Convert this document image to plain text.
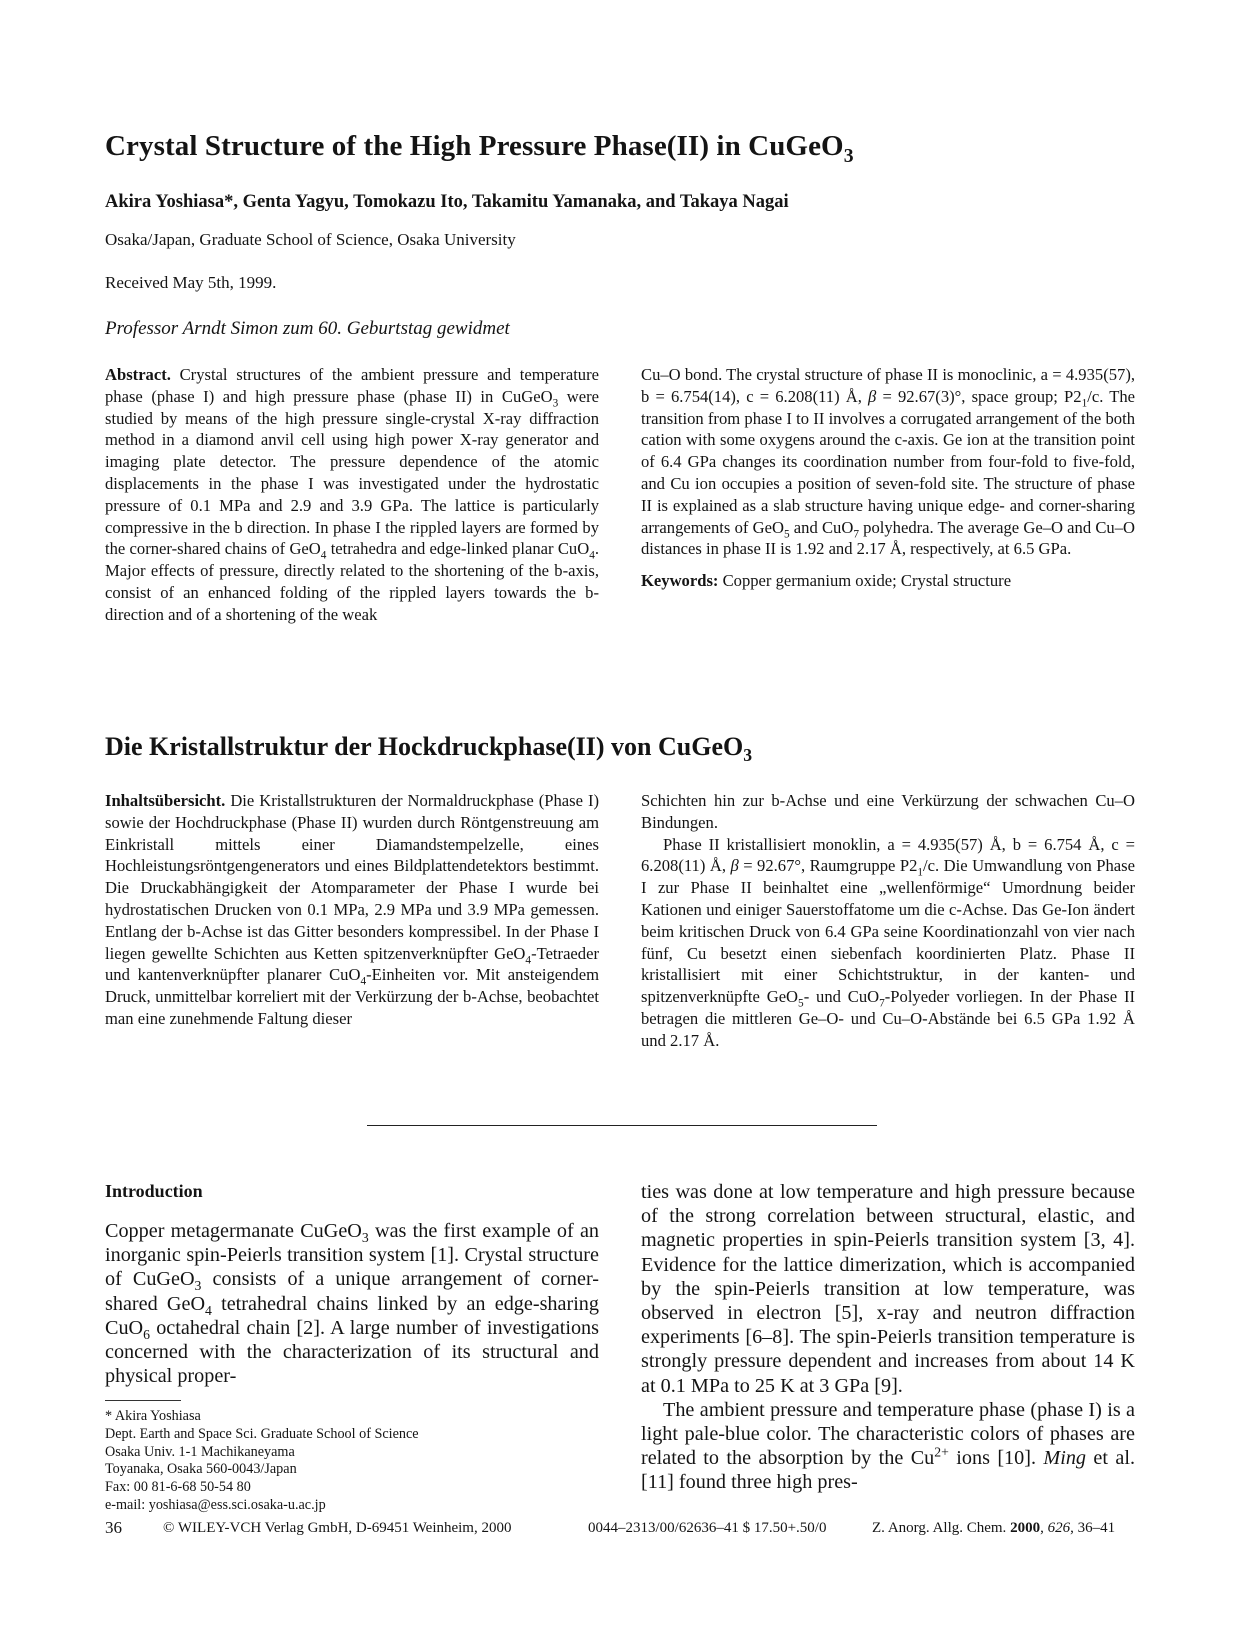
Crystal Structure of the High Pressure Phase(II) in CuGeO$_3$
Akira Yoshiasa*, Genta Yagyu, Tomokazu Ito, Takamitu Yamanaka, and Takaya Nagai
Osaka/Japan, Graduate School of Science, Osaka University
Received May 5th, 1999.
Professor Arndt Simon zum 60. Geburtstag gewidmet

Abstract. Crystal structures of the ambient pressure and temperature phase (phase I) and high pressure phase (phase II) in CuGeO$_3$ were studied by means of the high pressure single-crystal X-ray diffraction method in a diamond anvil cell using high power X-ray generator and imaging plate detector. The pressure dependence of the atomic displacements in the phase I was investigated under the hydrostatic pressure of 0.1 MPa and 2.9 and 3.9 GPa. The lattice is particularly compressive in the b direction. In phase I the rippled layers are formed by the corner-shared chains of GeO$_4$ tetrahedra and edge-linked planar CuO$_4$. Major effects of pressure, directly related to the shortening of the b-axis, consist of an enhanced folding of the rippled layers towards the b-direction and of a shortening of the weak

Cu–O bond. The crystal structure of phase II is monoclinic, a = 4.935(57), b = 6.754(14), c = 6.208(11) Å, β = 92.67(3)°, space group; $P2_1/c$. The transition from phase I to II involves a corrugated arrangement of the both cation with some oxygens around the c-axis. Ge ion at the transition point of 6.4 GPa changes its coordination number from four-fold to five-fold, and Cu ion occupies a position of seven-fold site. The structure of phase II is explained as a slab structure having unique edge- and corner-sharing arrangements of GeO$_5$ and CuO$_7$ polyhedra. The average Ge–O and Cu–O distances in phase II is 1.92 and 2.17 Å, respectively, at 6.5 GPa.

Keywords: Copper germanium oxide; Crystal structure

Die Kristallstruktur der Hockdruckphase(II) von CuGeO$_3$

Inhaltsübersicht. Die Kristallstrukturen der Normaldruckphase (Phase I) sowie der Hochdruckphase (Phase II) wurden durch Röntgenstreuung am Einkristall mittels einer Diamandstempelzelle, eines Hochleistungsröntgengenerators und eines Bildplattendetektors bestimmt. Die Druckabhängigkeit der Atomparameter der Phase I wurde bei hydrostatischen Drucken von 0.1 MPa, 2.9 MPa und 3.9 MPa gemessen. Entlang der b-Achse ist das Gitter besonders kompressibel. In der Phase I liegen gewellte Schichten aus Ketten spitzenverknüpfter GeO$_4$-Tetraeder und kantenverknüpfter planarer CuO$_4$-Einheiten vor. Mit ansteigendem Druck, unmittelbar korreliert mit der Verkürzung der b-Achse, beobachtet man eine zunehmende Faltung dieser

Schichten hin zur b-Achse und eine Verkürzung der schwachen Cu–O Bindungen.

Phase II kristallisiert monoklin, a = 4.935(57) Å, b = 6.754 Å, c = 6.208(11) Å, β = 92.67°, Raumgruppe $P2_1/c$. Die Umwandlung von Phase I zur Phase II beinhaltet eine „wellenförmige“ Umordnung beider Kationen und einiger Sauerstoffatome um die c-Achse. Das Ge-Ion ändert beim kritischen Druck von 6.4 GPa seine Koordinationzahl von vier nach fünf, Cu besetzt einen siebenfach koordinierten Platz. Phase II kristallisiert mit einer Schichtstruktur, in der kanten- und spitzenverknüpfte GeO$_5$- und CuO$_7$-Polyeder vorliegen. In der Phase II betragen die mittleren Ge–O- und Cu–O-Abstände bei 6.5 GPa 1.92 Å und 2.17 Å.

Introduction

Copper metagermanate CuGeO$_3$ was the first example of an inorganic spin-Peierls transition system [1]. Crystal structure of CuGeO$_3$ consists of a unique arrangement of corner-shared GeO$_4$ tetrahedral chains linked by an edge-sharing CuO$_6$ octahedral chain [2]. A large number of investigations concerned with the characterization of its structural and physical proper-

ties was done at low temperature and high pressure because of the strong correlation between structural, elastic, and magnetic properties in spin-Peierls transition system [3, 4]. Evidence for the lattice dimerization, which is accompanied by the spin-Peierls transition at low temperature, was observed in electron [5], x-ray and neutron diffraction experiments [6–8]. The spin-Peierls transition temperature is strongly pressure dependent and increases from about 14 K at 0.1 MPa to 25 K at 3 GPa [9].

The ambient pressure and temperature phase (phase I) is a light pale-blue color. The characteristic colors of phases are related to the absorption by the $Cu^{2+}$ ions [10]. Ming et al. [11] found three high pres-

* Akira Yoshiasa
Dept. Earth and Space Sci. Graduate School of Science
Osaka Univ. 1-1 Machikaneyama
Toyanaka, Osaka 560-0043/Japan
Fax: 00 81-6-68 50-54 80
e-mail: yoshiasa@ess.sci.osaka-u.ac.jp
36	© WILEY-VCH Verlag GmbH, D-69451 Weinheim, 2000	0044–2313/00/62636–41 $ 17.50+.50/0	Z. Anorg. Allg. Chem. 2000, 626, 36–41
